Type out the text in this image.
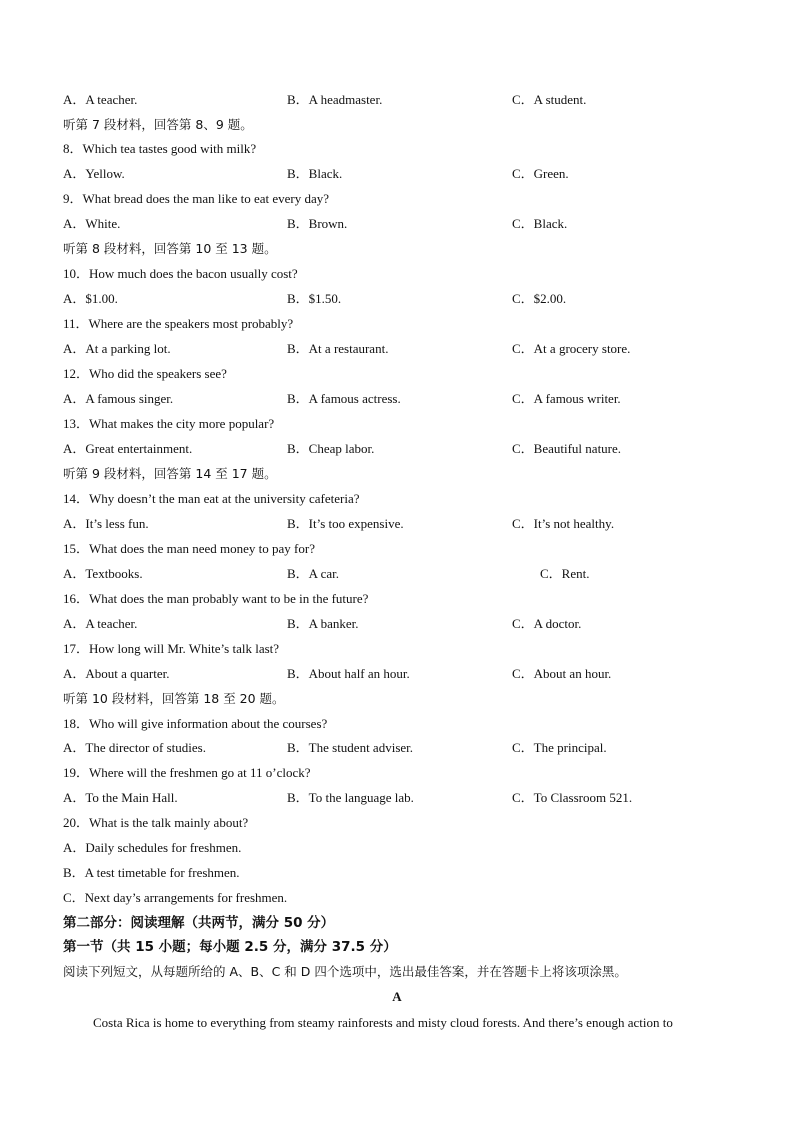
A．A teacher.	B．A headmaster.	C．A student.
听第 7 段材料，回答第 8、9 题。
8．Which tea tastes good with milk?
A．Yellow.	B．Black.	C．Green.
9．What bread does the man like to eat every day?
A．White.	B．Brown.	C．Black.
听第 8 段材料，回答第 10 至 13 题。
10．How much does the bacon usually cost?
A．$1.00.	B．$1.50.	C．$2.00.
11．Where are the speakers most probably?
A．At a parking lot.	B．At a restaurant.	C．At a grocery store.
12．Who did the speakers see?
A．A famous singer.	B．A famous actress.	C．A famous writer.
13．What makes the city more popular?
A．Great entertainment.	B．Cheap labor.	C．Beautiful nature.
听第 9 段材料，回答第 14 至 17 题。
14．Why doesn’t the man eat at the university cafeteria?
A．It’s less fun.	B．It’s too expensive.	C．It’s not healthy.
15．What does the man need money to pay for?
A．Textbooks.	B．A car.	C．Rent.
16．What does the man probably want to be in the future?
A．A teacher.	B．A banker.	C．A doctor.
17．How long will Mr. White’s talk last?
A．About a quarter.	B．About half an hour.	C．About an hour.
听第 10 段材料，回答第 18 至 20 题。
18．Who will give information about the courses?
A．The director of studies.	B．The student adviser.	C．The principal.
19．Where will the freshmen go at 11 o’clock?
A．To the Main Hall.	B．To the language lab.	C．To Classroom 521.
20．What is the talk mainly about?
A．Daily schedules for freshmen.
B．A test timetable for freshmen.
C．Next day’s arrangements for freshmen.
第二部分：阅读理解（共两节，满分 50 分）
第一节（共 15 小题；每小题 2.5 分，满分 37.5 分）
阅读下列短文，从每题所给的 A、B、C 和 D 四个选项中，选出最佳答案，并在答题卡上将该项涂黑。
A
Costa Rica is home to everything from steamy rainforests and misty cloud forests. And there’s enough action to
